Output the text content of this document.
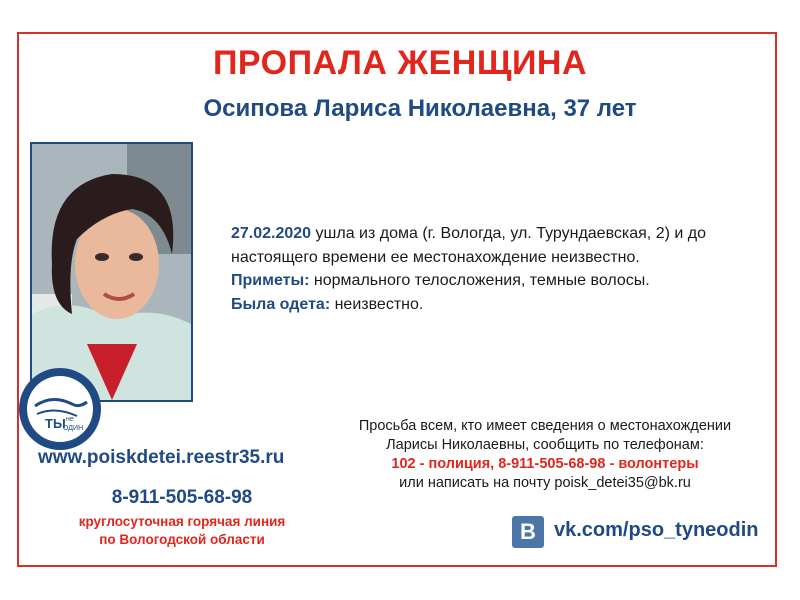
ПРОПАЛА ЖЕНЩИНА
Осипова Лариса Николаевна, 37 лет
27.02.2020 ушла из дома (г. Вологда, ул. Турундаевская, 2) и до настоящего времени ее местонахождение неизвестно.
Приметы: нормального телосложения, темные волосы.
Была одета: неизвестно.
ТЫ не
ОДИН
www.poiskdetei.reestr35.ru
8-911-505-68-98
круглосуточная горячая линия
по Вологодской области
Просьба всем, кто имеет сведения о местонахождении
Ларисы Николаевны, сообщить по телефонам:
102 - полиция, 8-911-505-68-98 - волонтеры
или написать на почту poisk_detei35@bk.ru
B vk.com/pso_tyneodin
